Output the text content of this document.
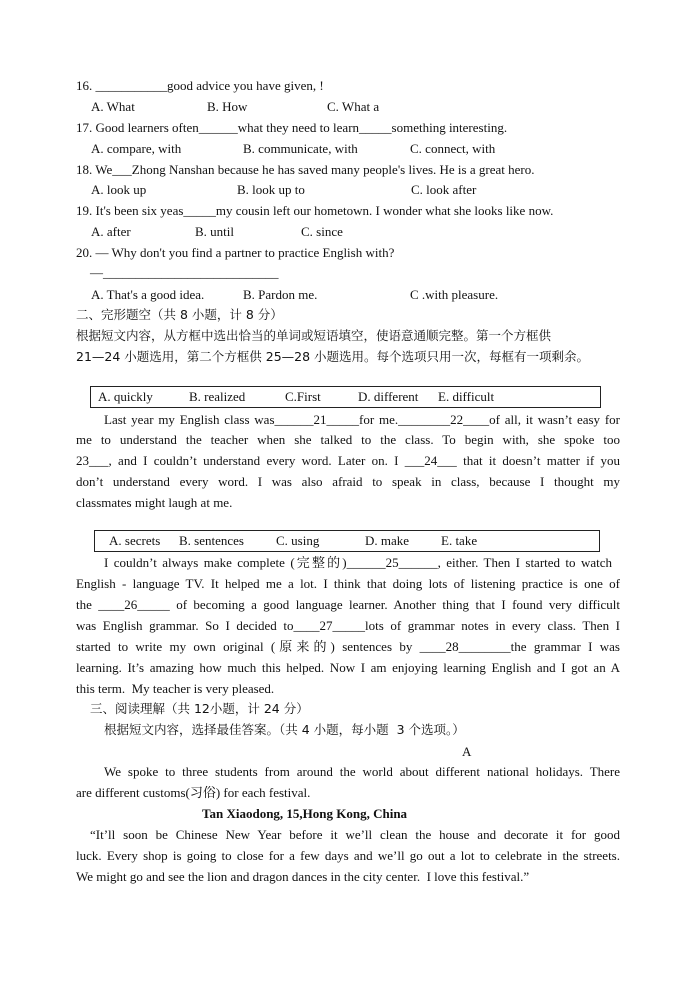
16. ___________good advice you have given, !
A. What	B. How	C. What a
17. Good learners often______what they need to learn_____something interesting.
A. compare, with	B. communicate, with	C. connect, with
18. We___Zhong Nanshan because he has saved many people's lives. He is a great hero.
A. look up	B. look up to	C. look after
19. It's been six yeas_____my cousin left our hometown. I wonder what she looks like now.
A. after	B. until	C. since
20. — Why don't you find a partner to practice English with?
—___________________________
A. That's a good idea.	B. Pardon me.	C .with pleasure.
二、完形题空（共 8 小题，计 8 分）
根据短文内容，从方框中选出恰当的单词或短语填空，使语意通顺完整。第一个方框供
21—24 小题选用，第二个方框供 25—28 小题选用。每个选项只用一次，每框有一项剩余。
A. quickly	B. realized	C.First	D. different E. difficult
Last year my English class was______21_____for me.________22____of all, it wasn’t easy for
me to understand the teacher when she talked to the class. To begin with, she spoke too
23___, and I couldn’t understand every word. Later on. I ___24___ that it doesn’t matter if you
don’t understand every word. I was also afraid to speak in class, because I thought my
classmates might laugh at me.
A. secrets B. sentences C. using	D. make E. take
I couldn’t always make complete (完整的)______25______, either. Then I started to watch
English - language TV. It helped me a lot. I think that doing lots of listening practice is one of
the ____26_____ of becoming a good language learner. Another thing that I found very difficult
was English grammar. So I decided to____27_____lots of grammar notes in every class. Then I
started to write my own original (原来的) sentences by ____28________the grammar I was
learning. It’s amazing how much this helped. Now I am enjoying learning English and I got an A
this term.  My teacher is very pleased.
三、阅读理解（共 12小题，计 24 分）
根据短文内容，选择最佳答案。（共 4 小题，每小题  3 个选项。）
A
We spoke to three students from around the world about different national holidays. There
are different customs(习俗) for each festival.
Tan Xiaodong, 15,Hong Kong, China
“It’ll soon be Chinese New Year before it we’ll clean the house and decorate it for good
luck. Every shop is going to close for a few days and we’ll go out a lot to celebrate in the streets.
We might go and see the lion and dragon dances in the city center.  I love this festival.”
